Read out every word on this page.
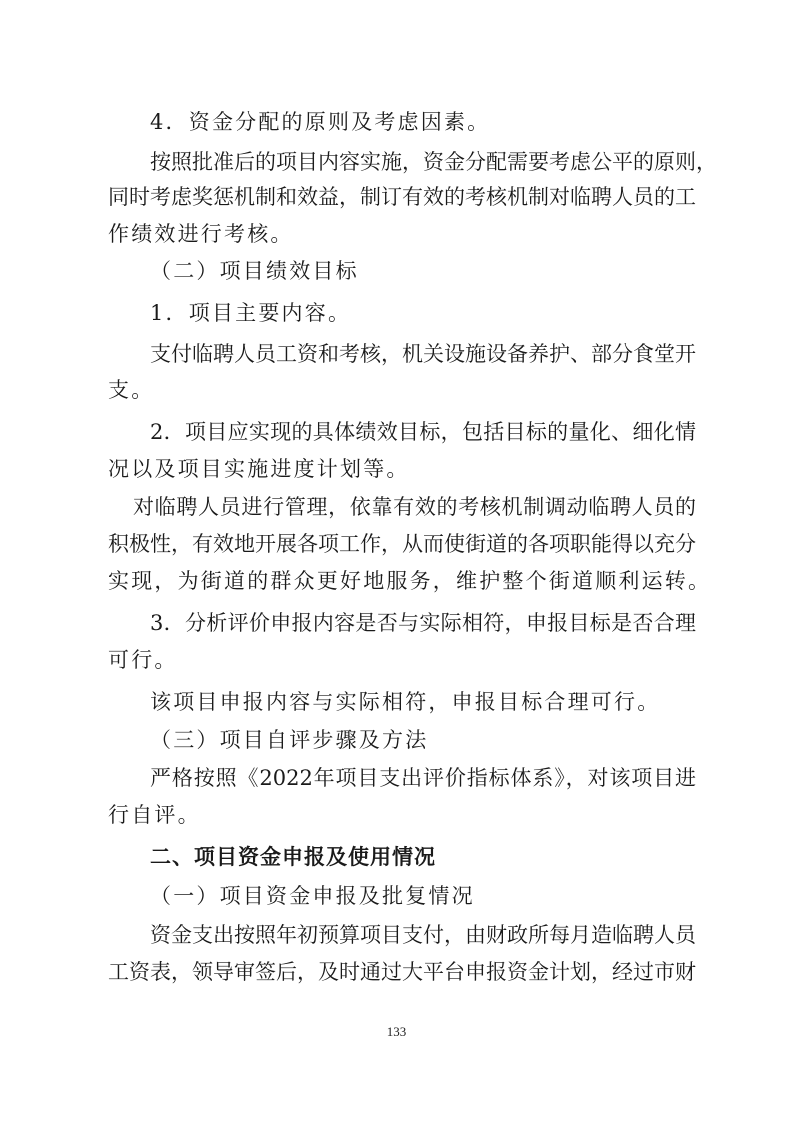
4．资金分配的原则及考虑因素。
按照批准后的项目内容实施，资金分配需要考虑公平的原则，
同时考虑奖惩机制和效益，制订有效的考核机制对临聘人员的工
作绩效进行考核。
（二）项目绩效目标
1．项目主要内容。
支付临聘人员工资和考核，机关设施设备养护、部分食堂开
支。
2．项目应实现的具体绩效目标，包括目标的量化、细化情
况以及项目实施进度计划等。
对临聘人员进行管理，依靠有效的考核机制调动临聘人员的
积极性，有效地开展各项工作，从而使街道的各项职能得以充分
实现，为街道的群众更好地服务，维护整个街道顺利运转。
3．分析评价申报内容是否与实际相符，申报目标是否合理
可行。
该项目申报内容与实际相符，申报目标合理可行。
（三）项目自评步骤及方法
严格按照《2022年项目支出评价指标体系》，对该项目进
行自评。
二、项目资金申报及使用情况
（一）项目资金申报及批复情况
资金支出按照年初预算项目支付，由财政所每月造临聘人员
工资表，领导审签后，及时通过大平台申报资金计划，经过市财
133
